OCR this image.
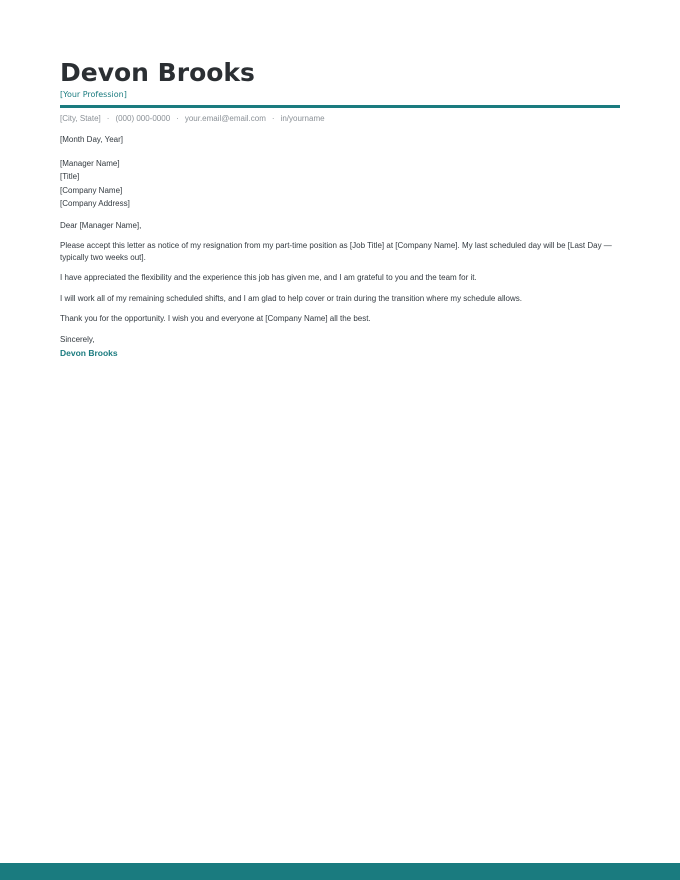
Devon Brooks
[Your Profession]
[City, State] · (000) 000-0000 · your.email@email.com · in/yourname
[Month Day, Year]
[Manager Name]
[Title]
[Company Name]
[Company Address]
Dear [Manager Name],
Please accept this letter as notice of my resignation from my part-time position as [Job Title] at [Company Name]. My last scheduled day will be [Last Day — typically two weeks out].
I have appreciated the flexibility and the experience this job has given me, and I am grateful to you and the team for it.
I will work all of my remaining scheduled shifts, and I am glad to help cover or train during the transition where my schedule allows.
Thank you for the opportunity. I wish you and everyone at [Company Name] all the best.
Sincerely,
Devon Brooks
